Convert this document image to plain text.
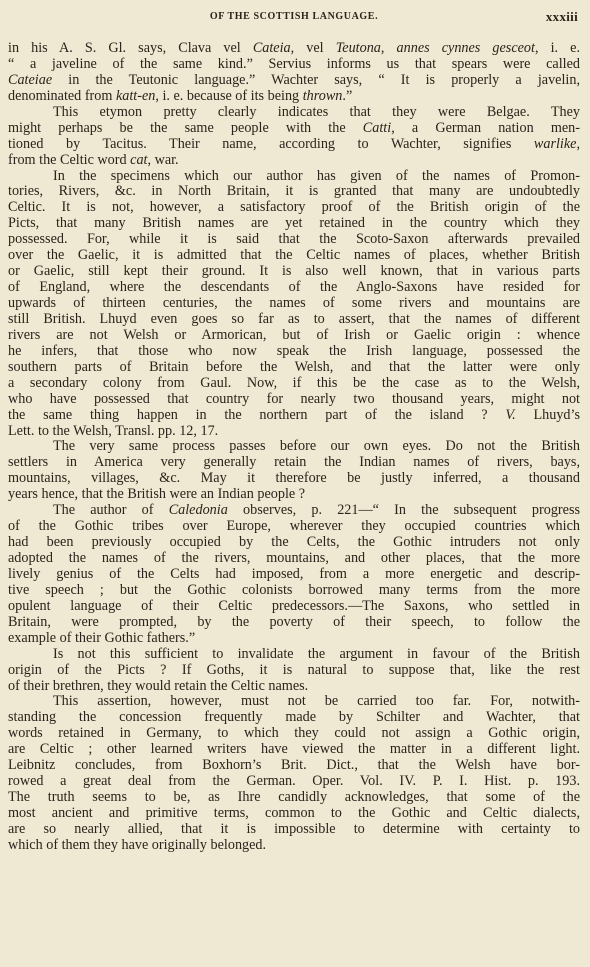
OF THE SCOTTISH LANGUAGE.	xxxiii
in his A. S. Gl. says, Clava vel Cateia, vel Teutona, annes cynnes gesceot, i. e.
“ a javeline of the same kind.” Servius informs us that spears were called
Cateiae in the Teutonic language.” Wachter says, “ It is properly a javelin,
denominated from katt-en, i. e. because of its being thrown.”
This etymon pretty clearly indicates that they were Belgae. They
might perhaps be the same people with the Catti, a German nation men-
tioned by Tacitus. Their name, according to Wachter, signifies warlike,
from the Celtic word cat, war.
In the specimens which our author has given of the names of Promon-
tories, Rivers, &c. in North Britain, it is granted that many are undoubtedly
Celtic. It is not, however, a satisfactory proof of the British origin of the
Picts, that many British names are yet retained in the country which they
possessed. For, while it is said that the Scoto-Saxon afterwards prevailed
over the Gaelic, it is admitted that the Celtic names of places, whether British
or Gaelic, still kept their ground. It is also well known, that in various parts
of England, where the descendants of the Anglo-Saxons have resided for
upwards of thirteen centuries, the names of some rivers and mountains are
still British. Lhuyd even goes so far as to assert, that the names of different
rivers are not Welsh or Armorican, but of Irish or Gaelic origin : whence
he infers, that those who now speak the Irish language, possessed the
southern parts of Britain before the Welsh, and that the latter were only
a secondary colony from Gaul. Now, if this be the case as to the Welsh,
who have possessed that country for nearly two thousand years, might not
the same thing happen in the northern part of the island ? V. Lhuyd’s
Lett. to the Welsh, Transl. pp. 12, 17.
The very same process passes before our own eyes. Do not the British
settlers in America very generally retain the Indian names of rivers, bays,
mountains, villages, &c. May it therefore be justly inferred, a thousand
years hence, that the British were an Indian people ?
The author of Caledonia observes, p. 221—“ In the subsequent progress
of the Gothic tribes over Europe, wherever they occupied countries which
had been previously occupied by the Celts, the Gothic intruders not only
adopted the names of the rivers, mountains, and other places, that the more
lively genius of the Celts had imposed, from a more energetic and descrip-
tive speech ; but the Gothic colonists borrowed many terms from the more
opulent language of their Celtic predecessors.—The Saxons, who settled in
Britain, were prompted, by the poverty of their speech, to follow the
example of their Gothic fathers.”
Is not this sufficient to invalidate the argument in favour of the British
origin of the Picts ? If Goths, it is natural to suppose that, like the rest
of their brethren, they would retain the Celtic names.
This assertion, however, must not be carried too far. For, notwith-
standing the concession frequently made by Schilter and Wachter, that
words retained in Germany, to which they could not assign a Gothic origin,
are Celtic ; other learned writers have viewed the matter in a different light.
Leibnitz concludes, from Boxhorn’s Brit. Dict., that the Welsh have bor-
rowed a great deal from the German. Oper. Vol. IV. P. I. Hist. p. 193.
The truth seems to be, as Ihre candidly acknowledges, that some of the
most ancient and primitive terms, common to the Gothic and Celtic dialects,
are so nearly allied, that it is impossible to determine with certainty to
which of them they have originally belonged.
